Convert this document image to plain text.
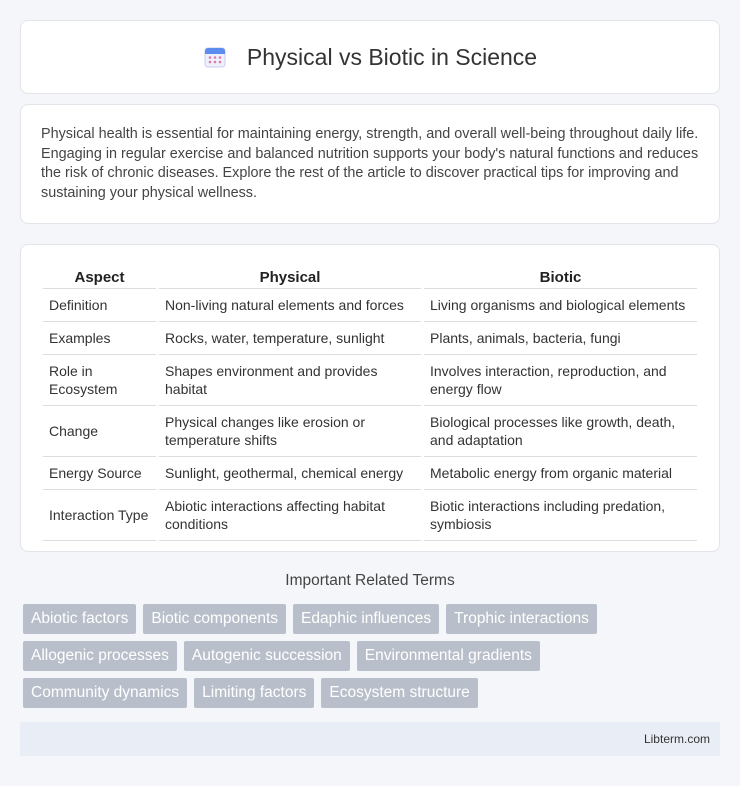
Physical vs Biotic in Science

Physical health is essential for maintaining energy, strength, and overall well-being throughout daily life. Engaging in regular exercise and balanced nutrition supports your body's natural functions and reduces the risk of chronic diseases. Explore the rest of the article to discover practical tips for improving and sustaining your physical wellness.

Aspect	Physical	Biotic
Definition	Non-living natural elements and forces	Living organisms and biological elements
Examples	Rocks, water, temperature, sunlight	Plants, animals, bacteria, fungi
Role in Ecosystem	Shapes environment and provides habitat	Involves interaction, reproduction, and energy flow
Change	Physical changes like erosion or temperature shifts	Biological processes like growth, death, and adaptation
Energy Source	Sunlight, geothermal, chemical energy	Metabolic energy from organic material
Interaction Type	Abiotic interactions affecting habitat conditions	Biotic interactions including predation, symbiosis
Important Related Terms
Abiotic factors	Biotic components	Edaphic influences	Trophic interactions
Allogenic processes	Autogenic succession	Environmental gradients
Community dynamics	Limiting factors	Ecosystem structure
Libterm.com
